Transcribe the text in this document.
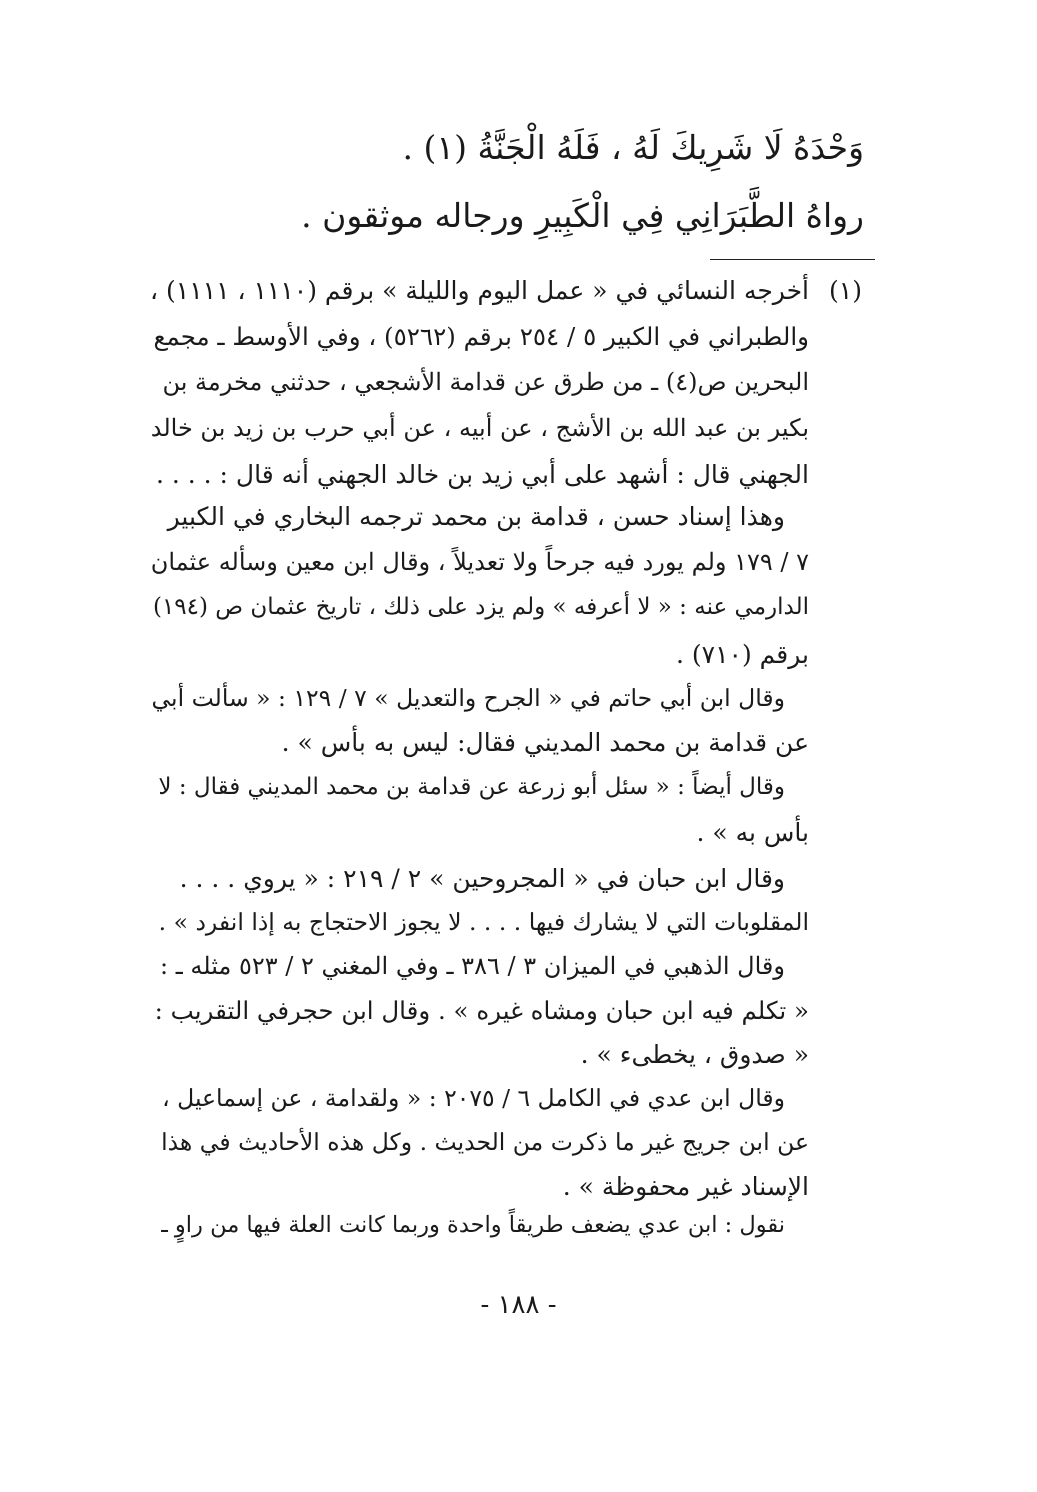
وَحْدَهُ لَا شَرِيكَ لَهُ ، فَلَهُ الْجَنَّةُ (١) .
رواهُ الطَّبَرَانِي فِي الْكَبِيرِ ورجاله موثقون .
(١)
أخرجه النسائي في « عمل اليوم والليلة » برقم (١١١٠ ، ١١١١) ،
والطبراني في الكبير ٥ / ٢٥٤ برقم (٥٢٦٢) ، وفي الأوسط ـ مجمع
البحرين ص(٤) ـ من طرق عن قدامة الأشجعي ، حدثني مخرمة بن
بكير بن عبد الله بن الأشج ، عن أبيه ، عن أبي حرب بن زيد بن خالد
الجهني قال : أشهد على أبي زيد بن خالد الجهني أنه قال : . . . .
وهذا إسناد حسن ، قدامة بن محمد ترجمه البخاري في الكبير
٧ / ١٧٩ ولم يورد فيه جرحاً ولا تعديلاً ، وقال ابن معين وسأله عثمان
الدارمي عنه : « لا أعرفه » ولم يزد على ذلك ، تاريخ عثمان ص (١٩٤)
برقم (٧١٠) .
وقال ابن أبي حاتم في « الجرح والتعديل » ٧ / ١٢٩ : « سألت أبي
عن قدامة بن محمد المديني فقال: ليس به بأس » .
وقال أيضاً : « سئل أبو زرعة عن قدامة بن محمد المديني فقال : لا
بأس به » .
وقال ابن حبان في « المجروحين » ٢ / ٢١٩ : « يروي . . . .
المقلوبات التي لا يشارك فيها . . . . لا يجوز الاحتجاج به إذا انفرد » .
وقال الذهبي في الميزان ٣ / ٣٨٦ ـ وفي المغني ٢ / ٥٢٣ مثله ـ :
« تكلم فيه ابن حبان ومشاه غيره » . وقال ابن حجرفي التقريب :
« صدوق ، يخطىء » .
وقال ابن عدي في الكامل ٦ / ٢٠٧٥ : « ولقدامة ، عن إسماعيل ،
عن ابن جريج غير ما ذكرت من الحديث . وكل هذه الأحاديث في هذا
الإسناد غير محفوظة » .
نقول : ابن عدي يضعف طريقاً واحدة وربما كانت العلة فيها من راوٍ ـ
- ١٨٨ -
